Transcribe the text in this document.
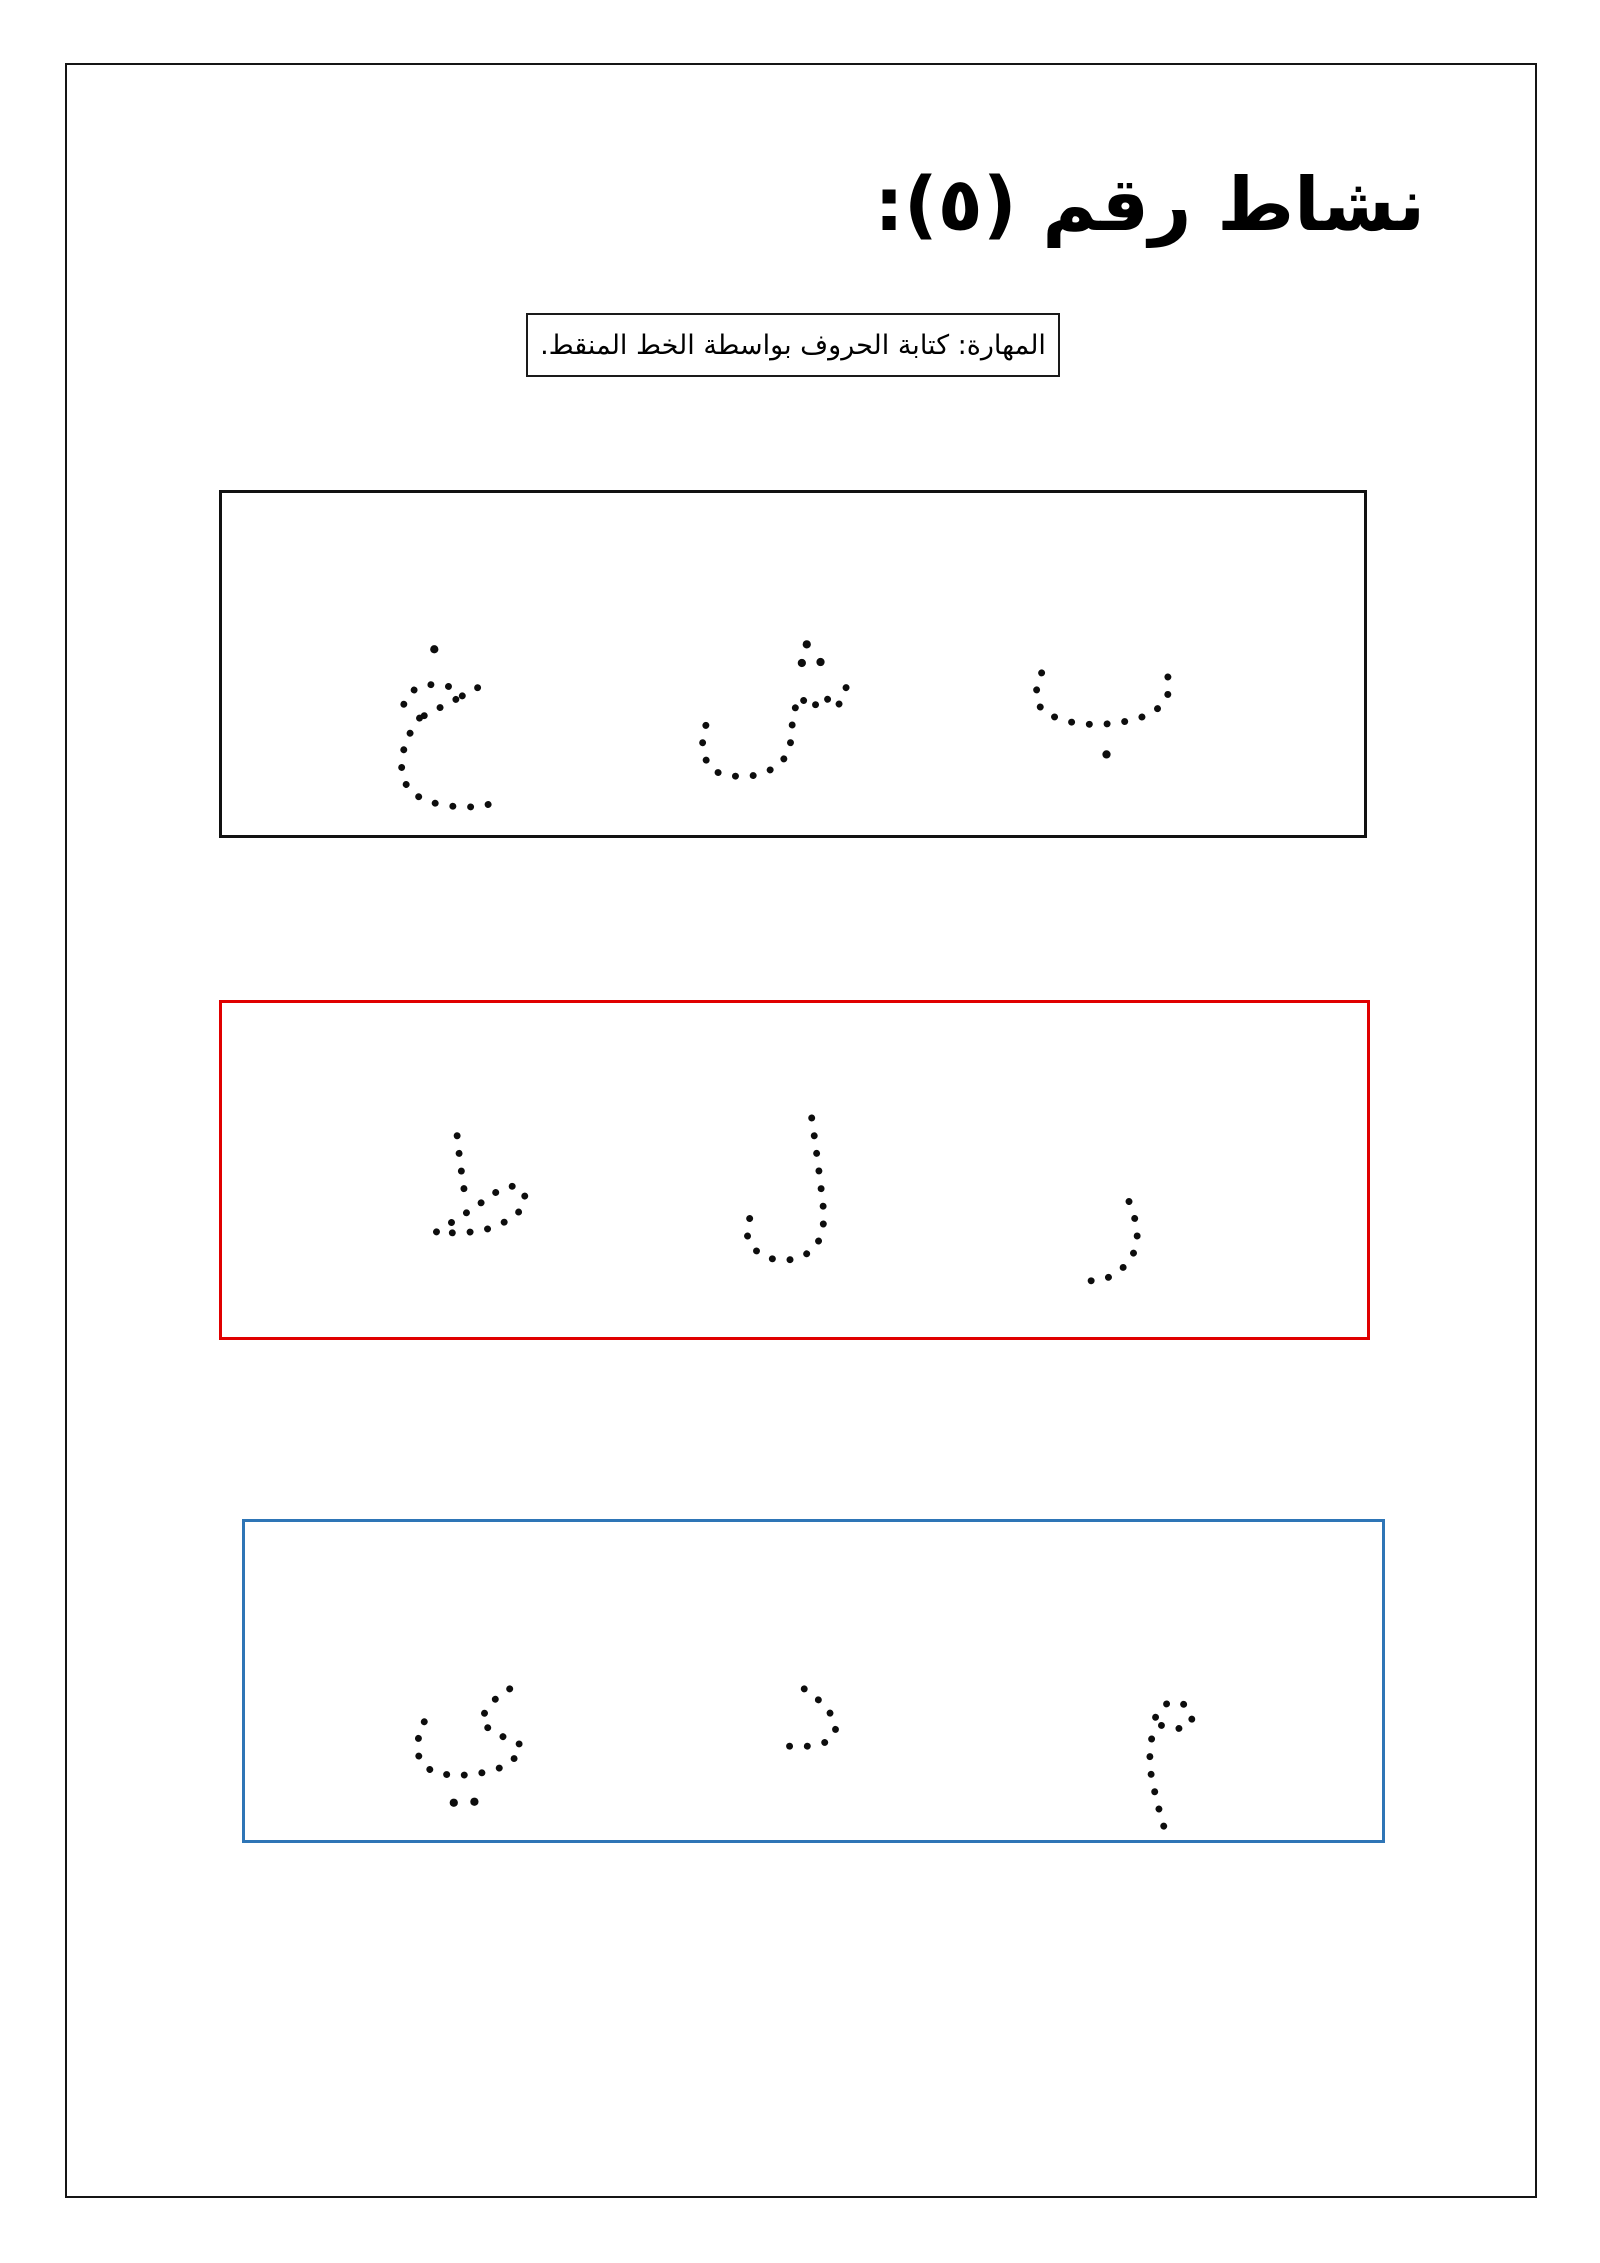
نشاط رقم (٥):
المهارة: كتابة الحروف بواسطة الخط المنقط.
